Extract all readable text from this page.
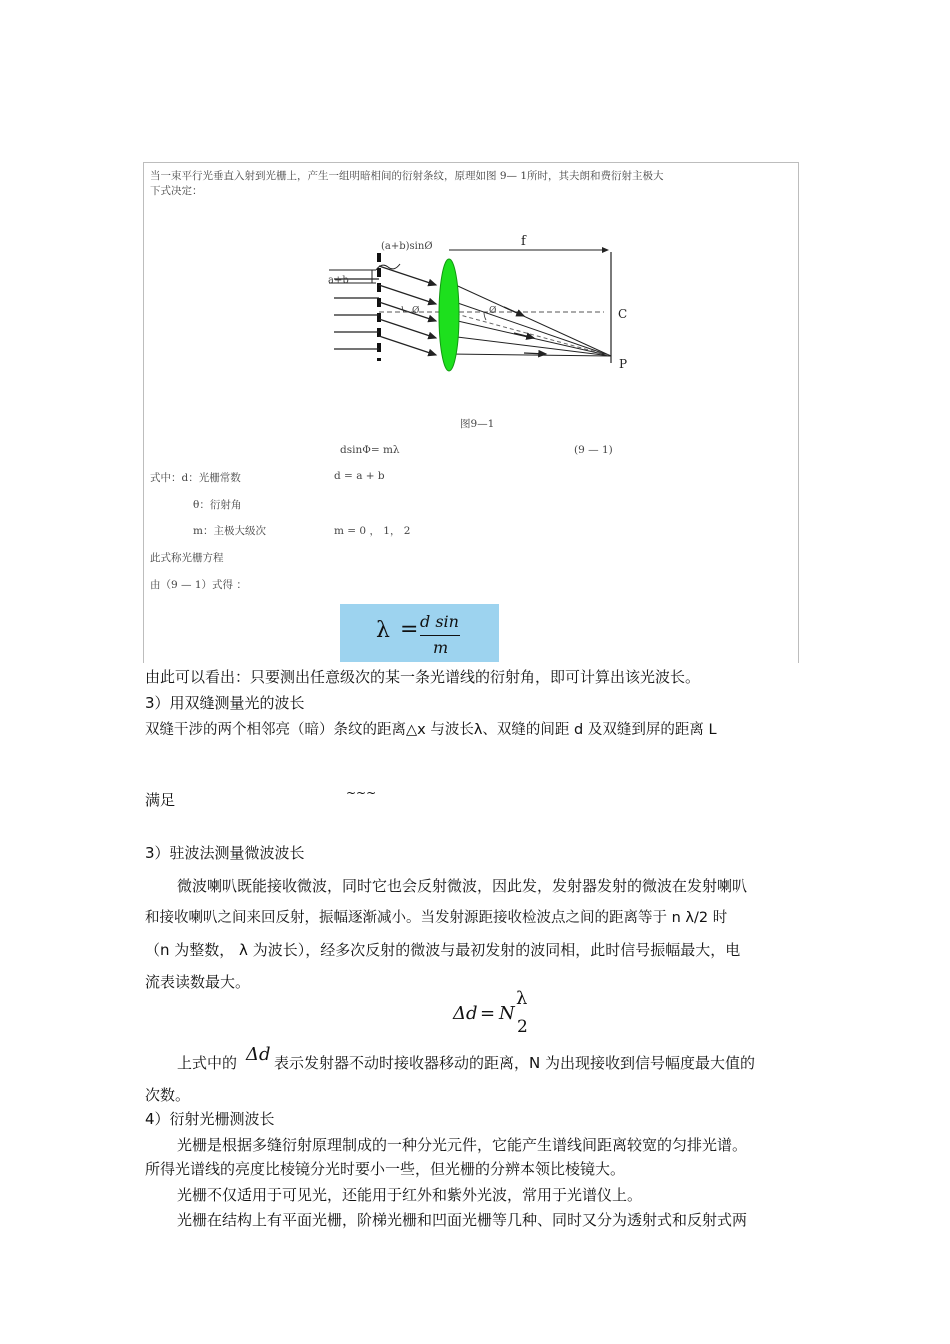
当一束平行光垂直入射到光栅上，产生一组明暗相间的衍射条纹，原理如图 9— 1所时，其夫朗和费衍射主极大
下式决定：
(a+b)sinØ	f
a+b
C
P
Ø	Ø
图9—1
dsinΦ= mλ	(9 — 1)
式中：d：光栅常数	d = a + b
θ：衍射角
m：主极大级次	m = 0 ， 1， 2
此式称光栅方程
由（9 — 1）式得 ：
λ = d sin
m
由此可以看出：只要测出任意级次的某一条光谱线的衍射角，即可计算出该光波长。
3）用双缝测量光的波长
双缝干涉的两个相邻亮（暗）条纹的距离△x 与波长λ、双缝的间距 d 及双缝到屏的距离 L
满足	~~~
3）驻波法测量微波波长
微波喇叭既能接收微波，同时它也会反射微波，因此发，发射器发射的微波在发射喇叭
和接收喇叭之间来回反射，振幅逐渐减小。当发射源距接收检波点之间的距离等于 n λ/2 时
（n 为整数， λ 为波长），经多次反射的微波与最初发射的波同相，此时信号振幅最大，电
流表读数最大。
Δd = N
λ
2
上式中的 Δd 表示发射器不动时接收器移动的距离，N 为出现接收到信号幅度最大值的
次数。
4）衍射光栅测波长
光栅是根据多缝衍射原理制成的一种分光元件，它能产生谱线间距离较宽的匀排光谱。
所得光谱线的亮度比棱镜分光时要小一些，但光栅的分辨本领比棱镜大。
光栅不仅适用于可见光，还能用于红外和紫外光波，常用于光谱仪上。
光栅在结构上有平面光栅，阶梯光栅和凹面光栅等几种、同时又分为透射式和反射式两
